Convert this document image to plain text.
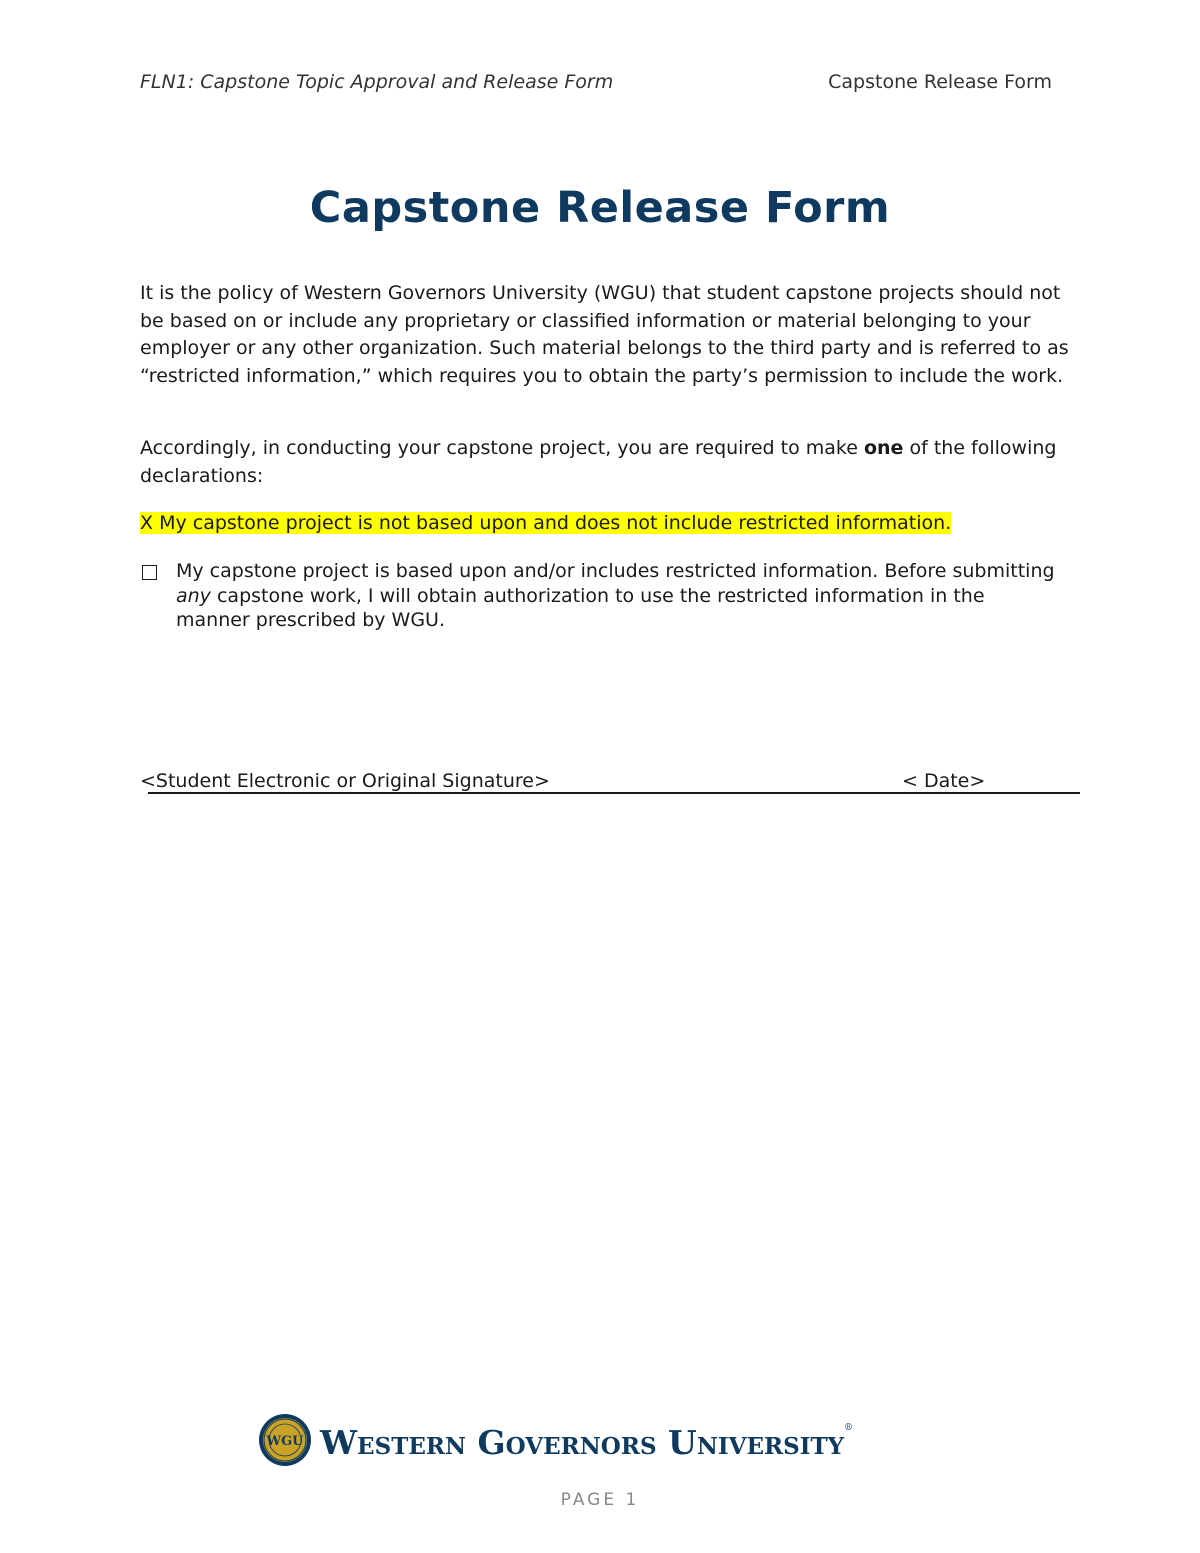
FLN1: Capstone Topic Approval and Release Form	Capstone Release Form
Capstone Release Form
It is the policy of Western Governors University (WGU) that student capstone projects should not be based on or include any proprietary or classified information or material belonging to your employer or any other organization. Such material belongs to the third party and is referred to as “restricted information,” which requires you to obtain the party’s permission to include the work.
Accordingly, in conducting your capstone project, you are required to make one of the following declarations:
X My capstone project is not based upon and does not include restricted information.
My capstone project is based upon and/or includes restricted information. Before submitting any capstone work, I will obtain authorization to use the restricted information in the manner prescribed by WGU.
<Student Electronic or Original Signature>	< Date>
WGU Western Governors University®
PAGE 1
